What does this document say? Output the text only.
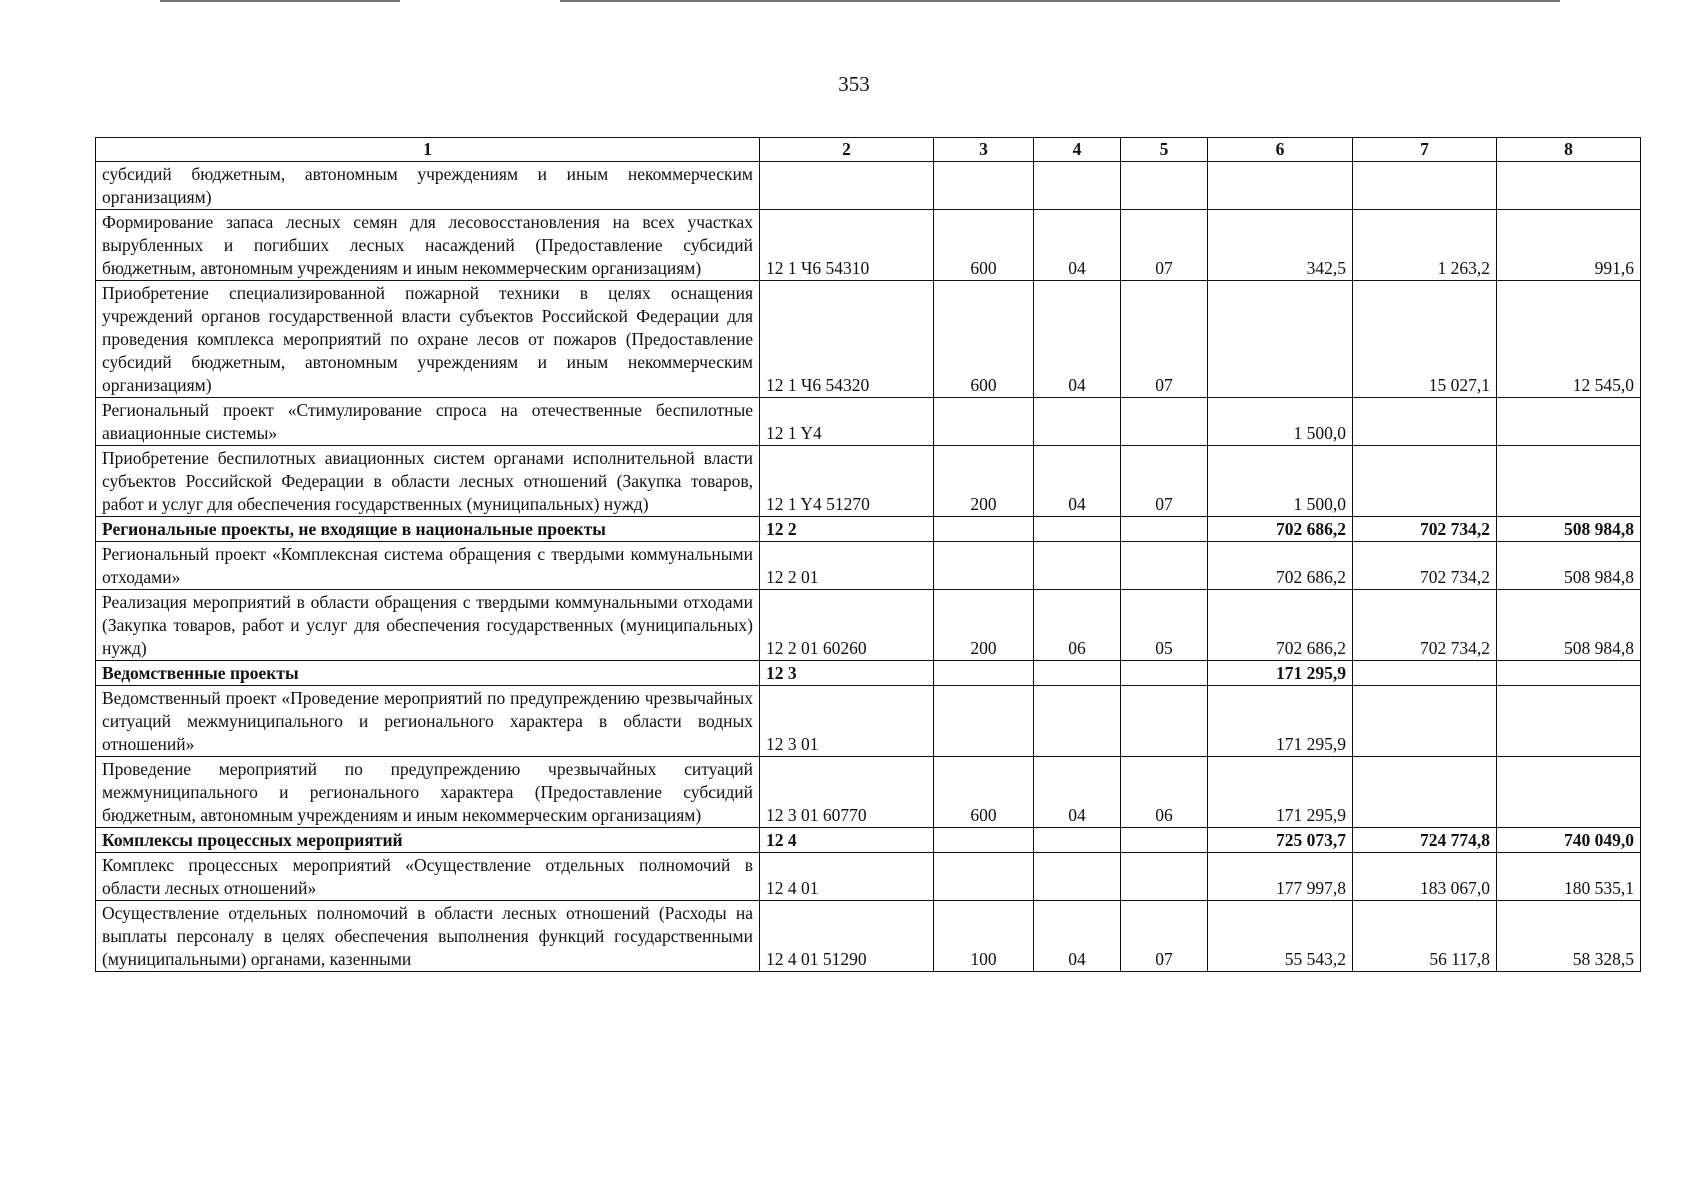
353
1	2	3	4	5	6	7	8
субсидий бюджетным, автономным учреждениям и иным некоммерческим организациям)							
Формирование запаса лесных семян для лесовосстановления на всех участках вырубленных и погибших лесных насаждений (Предоставление субсидий бюджетным, автономным учреждениям и иным некоммерческим организациям)	12 1 Ч6 54310	600	04	07	342,5	1 263,2	991,6
Приобретение специализированной пожарной техники в целях оснащения учреждений органов государственной власти субъектов Российской Федерации для проведения комплекса мероприятий по охране лесов от пожаров (Предоставление субсидий бюджетным, автономным учреждениям и иным некоммерческим организациям)	12 1 Ч6 54320	600	04	07		15 027,1	12 545,0
Региональный проект «Стимулирование спроса на отечественные беспилотные авиационные системы»	12 1 Y4				1 500,0		
Приобретение беспилотных авиационных систем органами исполнительной власти субъектов Российской Федерации в области лесных отношений (Закупка товаров, работ и услуг для обеспечения государственных (муниципальных) нужд)	12 1 Y4 51270	200	04	07	1 500,0		
Региональные проекты, не входящие в национальные проекты	12 2				702 686,2	702 734,2	508 984,8
Региональный проект «Комплексная система обращения с твердыми коммунальными отходами»	12 2 01				702 686,2	702 734,2	508 984,8
Реализация мероприятий в области обращения с твердыми коммунальными отходами (Закупка товаров, работ и услуг для обеспечения государственных (муниципальных) нужд)	12 2 01 60260	200	06	05	702 686,2	702 734,2	508 984,8
Ведомственные проекты	12 3				171 295,9		
Ведомственный проект «Проведение мероприятий по предупреждению чрезвычайных ситуаций межмуниципального и регионального характера в области водных отношений»	12 3 01				171 295,9		
Проведение мероприятий по предупреждению чрезвычайных ситуаций межмуниципального и регионального характера (Предоставление субсидий бюджетным, автономным учреждениям и иным некоммерческим организациям)	12 3 01 60770	600	04	06	171 295,9		
Комплексы процессных мероприятий	12 4				725 073,7	724 774,8	740 049,0
Комплекс процессных мероприятий «Осуществление отдельных полномочий в области лесных отношений»	12 4 01				177 997,8	183 067,0	180 535,1
Осуществление отдельных полномочий в области лесных отношений (Расходы на выплаты персоналу в целях обеспечения выполнения функций государственными (муниципальными) органами, казенными	12 4 01 51290	100	04	07	55 543,2	56 117,8	58 328,5
